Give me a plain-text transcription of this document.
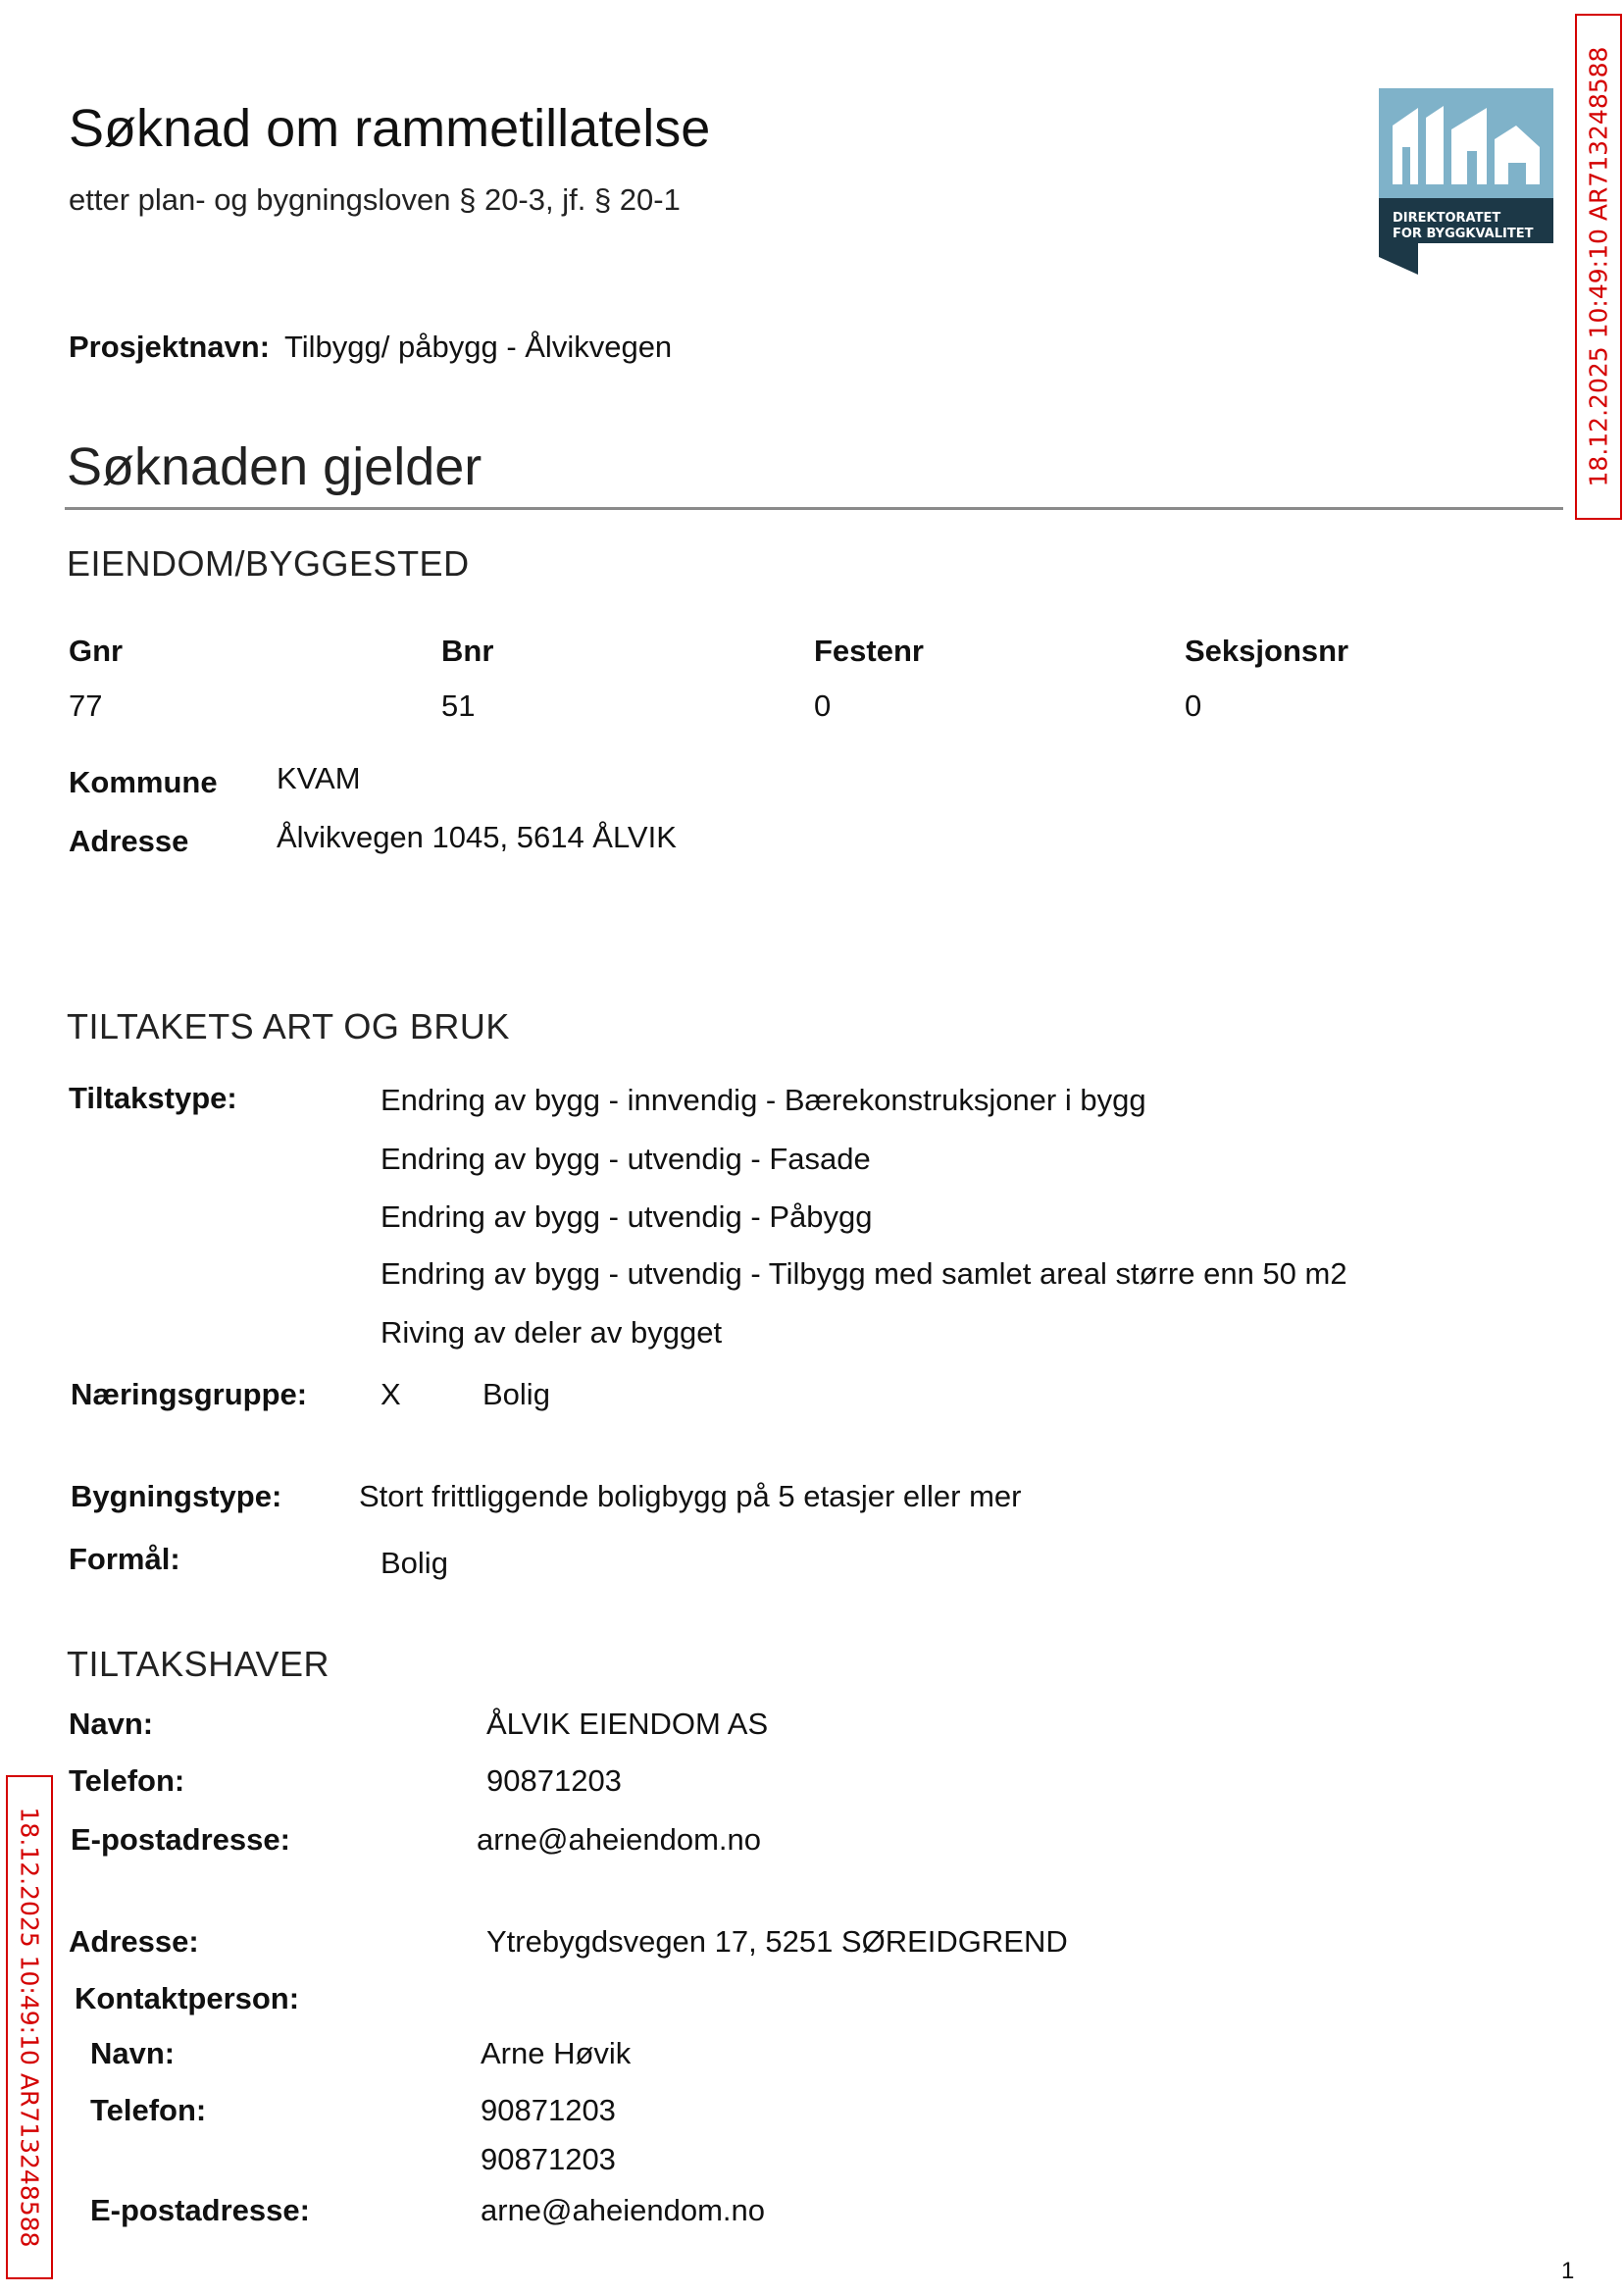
Søknad om rammetillatelse
etter plan- og bygningsloven § 20-3, jf. § 20-1
Prosjektnavn: Tilbygg/ påbygg - Ålvikvegen
DIREKTORATET
FOR BYGGKVALITET 18.12.2025 10:49:10 AR713248588
18.12.2025 10:49:10 AR713248588
Søknaden gjelder
EIENDOM/BYGGESTED
Gnr	Bnr	Festenr	Seksjonsnr
77	51	0	0
Kommune KVAM
Adresse	Ålvikvegen 1045, 5614 ÅLVIK
TILTAKETS ART OG BRUK
Tiltakstype:	Endring av bygg - innvendig - Bærekonstruksjoner i bygg
Endring av bygg - utvendig - Fasade
Endring av bygg - utvendig - Påbygg
Endring av bygg - utvendig - Tilbygg med samlet areal større enn 50 m2
Riving av deler av bygget
Næringsgruppe: X	Bolig
Bygningstype:	Stort frittliggende boligbygg på 5 etasjer eller mer
Formål:	Bolig
TILTAKSHAVER
Navn:	ÅLVIK EIENDOM AS
Telefon:	90871203
E-postadresse:	arne@aheiendom.no
Adresse:	Ytrebygdsvegen 17, 5251 SØREIDGREND
Kontaktperson:
Navn:	Arne Høvik
Telefon:	90871203
90871203
E-postadresse:	arne@aheiendom.no
1
